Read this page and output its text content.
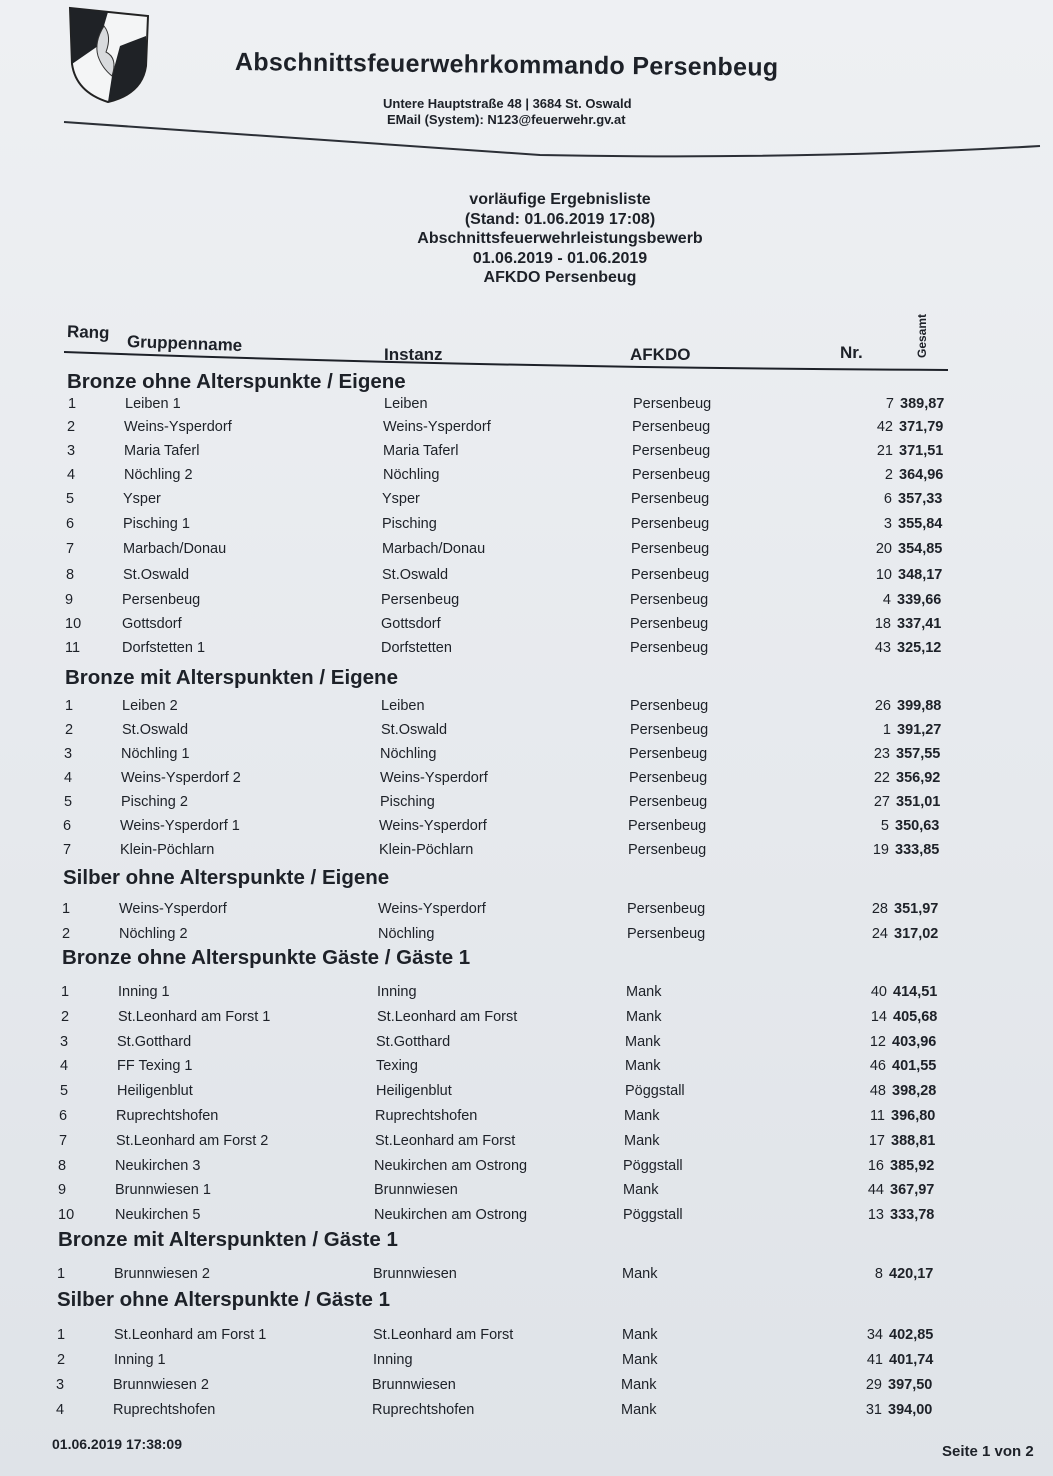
Abschnittsfeuerwehrkommando Persenbeug
Untere Hauptstraße 48 | 3684 St. Oswald
EMail (System): N123@feuerwehr.gv.at
vorläufige Ergebnisliste
(Stand: 01.06.2019 17:08)
Abschnittsfeuerwehrleistungsbewerb
01.06.2019 - 01.06.2019
AFKDO Persenbeug
Rang Gruppenname	Instanz	AFKDO	Nr.	Gesamt
Bronze ohne Alterspunkte / Eigene
1	Leiben 1	Leiben	Persenbeug	7 389,87
2	Weins-Ysperdorf	Weins-Ysperdorf	Persenbeug	42 371,79
3	Maria Taferl	Maria Taferl	Persenbeug	21 371,51
4	Nöchling 2	Nöchling	Persenbeug	2 364,96
5	Ysper	Ysper	Persenbeug	6 357,33
6	Pisching 1	Pisching	Persenbeug	3 355,84
7	Marbach/Donau	Marbach/Donau	Persenbeug	20 354,85
8	St.Oswald	St.Oswald	Persenbeug	10 348,17
9	Persenbeug	Persenbeug	Persenbeug	4 339,66
10	Gottsdorf	Gottsdorf	Persenbeug	18 337,41
11	Dorfstetten 1	Dorfstetten	Persenbeug	43 325,12
Bronze mit Alterspunkten / Eigene
1	Leiben 2	Leiben	Persenbeug	26 399,88
2	St.Oswald	St.Oswald	Persenbeug	1 391,27
3	Nöchling 1	Nöchling	Persenbeug	23 357,55
4	Weins-Ysperdorf 2	Weins-Ysperdorf	Persenbeug	22 356,92
5	Pisching 2	Pisching	Persenbeug	27 351,01
6	Weins-Ysperdorf 1	Weins-Ysperdorf	Persenbeug	5 350,63
7	Klein-Pöchlarn	Klein-Pöchlarn	Persenbeug	19 333,85
Silber ohne Alterspunkte / Eigene
1	Weins-Ysperdorf	Weins-Ysperdorf	Persenbeug	28 351,97
2	Nöchling 2	Nöchling	Persenbeug	24 317,02
Bronze ohne Alterspunkte Gäste / Gäste 1
1	Inning 1	Inning	Mank	40 414,51
2	St.Leonhard am Forst 1	St.Leonhard am Forst	Mank	14 405,68
3	St.Gotthard	St.Gotthard	Mank	12 403,96
4	FF Texing 1	Texing	Mank	46 401,55
5	Heiligenblut	Heiligenblut	Pöggstall	48 398,28
6	Ruprechtshofen	Ruprechtshofen	Mank	11 396,80
7	St.Leonhard am Forst 2	St.Leonhard am Forst	Mank	17 388,81
8	Neukirchen 3	Neukirchen am Ostrong	Pöggstall	16 385,92
9	Brunnwiesen 1	Brunnwiesen	Mank	44 367,97
10	Neukirchen 5	Neukirchen am Ostrong	Pöggstall	13 333,78
Bronze mit Alterspunkten / Gäste 1
1	Brunnwiesen 2	Brunnwiesen	Mank	8 420,17
Silber ohne Alterspunkte / Gäste 1
1	St.Leonhard am Forst 1	St.Leonhard am Forst	Mank	34 402,85
2	Inning 1	Inning	Mank	41 401,74
3	Brunnwiesen 2	Brunnwiesen	Mank	29 397,50
4	Ruprechtshofen	Ruprechtshofen	Mank	31 394,00
01.06.2019 17:38:09	Seite 1 von 2
